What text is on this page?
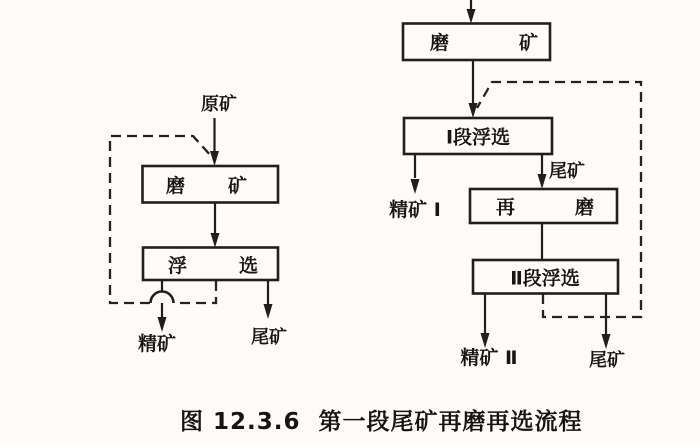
磨矿
浮选
原矿
精矿	尾矿
磨矿
Ⅰ段浮选
再磨
Ⅱ段浮选
精矿 Ⅰ
尾矿
精矿 Ⅱ	尾矿
图 12.3.6  第一段尾矿再磨再选流程
